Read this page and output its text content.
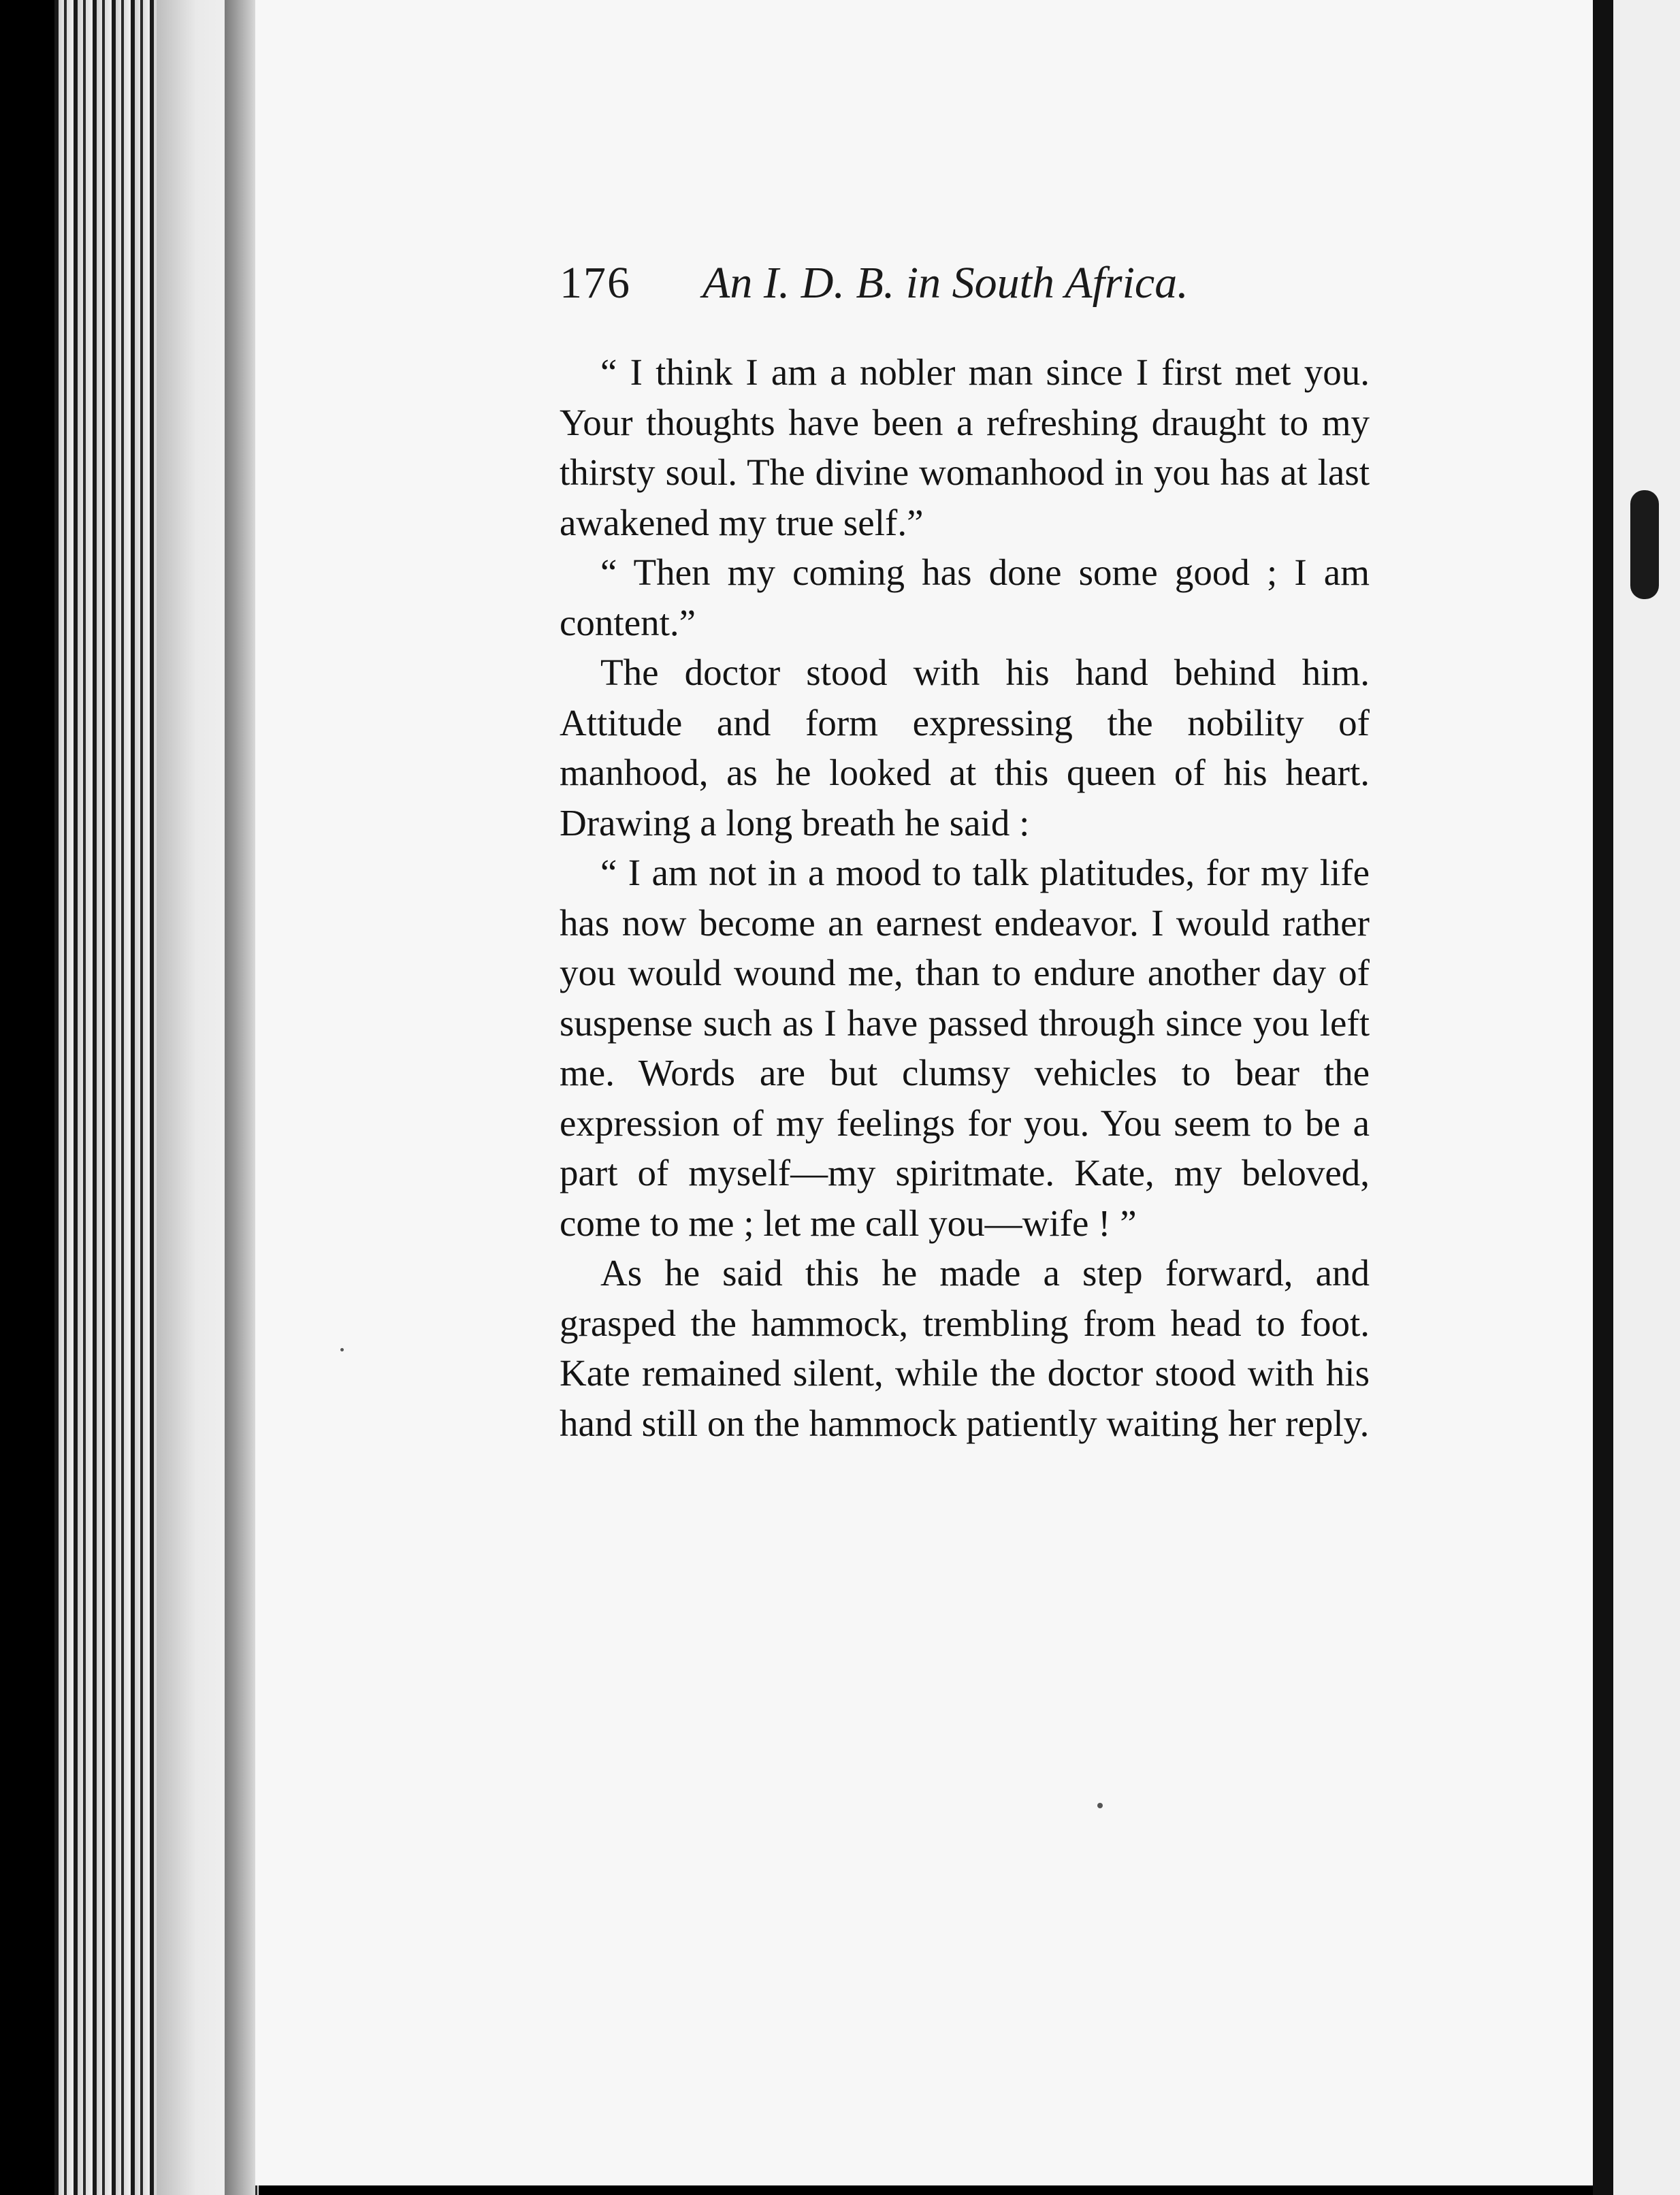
176 An I. D. B. in South Africa.

“ I think I am a nobler man since I first met you. Your thoughts have been a refreshing draught to my thirsty soul. The divine womanhood in you has at last awakened my true self.”

“ Then my coming has done some good ; I am content.”

The doctor stood with his hand behind him. Attitude and form expressing the nobility of manhood, as he looked at this queen of his heart. Drawing a long breath he said :

“ I am not in a mood to talk platitudes, for my life has now become an earnest endeavor. I would rather you would wound me, than to endure another day of suspense such as I have passed through since you left me. Words are but clumsy vehicles to bear the expression of my feelings for you. You seem to be a part of myself—my spiritmate. Kate, my beloved, come to me ; let me call you—wife ! ”

As he said this he made a step forward, and grasped the hammock, trembling from head to foot. Kate remained silent, while the doctor stood with his hand still on the hammock patiently waiting her reply.
